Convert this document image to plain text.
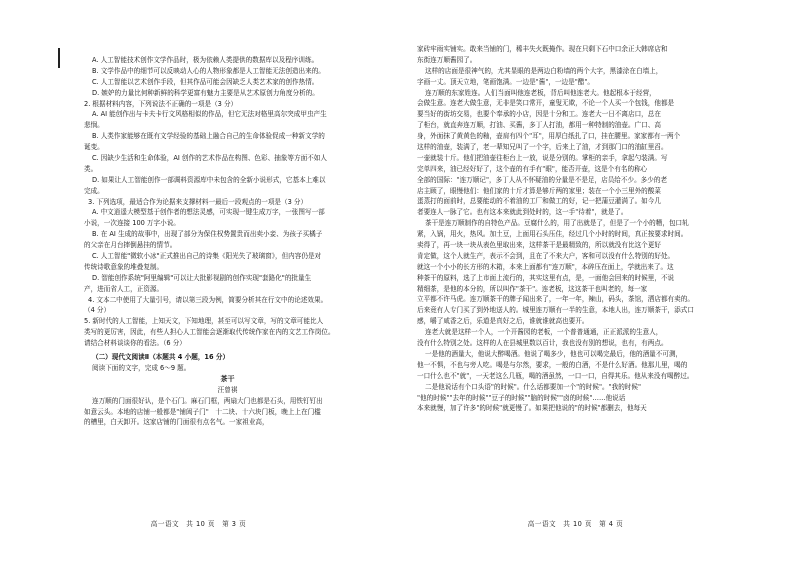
A. 人工智能技术创作文学作品时，极为依赖人类提供的数据库以及程序训练。
B. 文学作品中的细节可以反映动人心的人物形象都是人工智能无法创造出来的。
C. 人工智能以艺术创作手段，但其作品可能会因缺乏人类艺术家的创作热情。
D. 嫉妒的力量比何种新鲜的科学更富有魅力主要是从艺术原创力角度分析的。
2. 根据材料内容，下列说法不正确的一项是（3 分）
A. AI 能创作出与卡夫卡行文风格相似的作品，但它无法对格里高尔突成甲虫产生
悲悯。
B. 人类作家能够在既有文学经验的基础上融合自己的生命体验促成一种新文学的
诞变。
C. 因缺少生活和生命体验，AI 创作的艺术作品在构图、色彩、抽象等方面不如人
类。
D. 如果让人工智能创作一部调料资源库中未包含的全新小说形式，它基本上难以
完成。
3. 下列选项，最适合作为论据来支撑材料一最后一段观点的一项是（3 分）
A. 中文逍遥大模型基于创作者的想法灵感，可实现一键生成万字，一张图写一部
小说，一次连接 100 万字小说。
B. 在 AI 生成的故事中，出现了部分为保住权势置贵而出卖小妾、为孩子买橘子
的父亲在月台摔倒悬挂的情节。
C. 人工智能"微软小冰"正式推出自己的诗集《阳光失了玻璃窗》，但内容仍是对
传统诗歌意象的堆叠复制。
D. 智能创作系统"阿里编辑"可以让大批影视剧的创作实现"套路化"的批量生
产，进而省人工，正资源。
4. 文本二中使用了大量引号，请以第三段为例，简要分析其在行文中的论述效果。
（4 分）
5. 新时代的人工智能，上知天文，下知地理，甚至可以写文章，写的文章可能比人
类写的更厉害，因此，有些人担心人工智能会逐渐取代传统作家在内的文艺工作岗位。
请结合材料谈谈你的看法。（6 分）
（二）现代文阅读Ⅱ（本题共 4 小题，16 分）
阅读下面的文字，完成 6～9 题。
茶干
汪曾祺
连万顺的门面很好认，是个石门。麻石门框，两扇大门也都是石头，用铁钉钉出
如意云头。本地的店铺一般都是"铺闼子门"　十二块、十六块门板，晚上上在门槛
的槽里，白天卸开。这家店铺的门面很有点名气。一家祖业高，
高一语文　共 10 页　第 3 页
家砖牢雨实铺实。敢来当铺的门，稀丰失火既掩作。现在只剩下石中口余正大韩席店和
东街连万顺酱园了。
这样的店面是很神气的，尤其显眼的是两边白粉墙的两个大字，黑漆涂在白墙上，
字画一丈。顶天立地，笔画饱满。一边是"酱"，一边是"醋"。
连万顺的东家姓连。人们当面叫他连老板，背后叫他连老大。他起根本于经营，
会做生意。连老大做生意，无非是笑口常开，童叟无欺，不论一个人买一个包钱，他都是
要当好的街坊交易，也要个奉承的小店，因是十分和工。连老大一日不离店口，总在
了柜台，就直奔连万顺，打油、买酱，多丁人打油，都用一种特制的油壶。广口、高
身，外面抹了黄黄色的釉，壶肩有四个"耳"，用厚白纸扎了口，挂在腰里。家家都有一两个
这样的油壶，装满了，老一辈知兄叫了一个字，后来上了油，才到那门口的油缸里舀。
一壶就装十斤。他们把油壶往柜台上一放，说是分别的。掌柜的亲手，拿起勺装满。写
完单四来，油已经好好了，这个壶的有手有"眼"，能否开壶，这是个有名的称心
全部的国际："连万顺记"，多丁人从不怀疑油的分量是不是足，店员给不少。多少的老
店主顾了，眼慢他们：他们家的十斤才算是够斤两的家里；装在一个小三里外的酸菜
蛋蒸打的面前时，总要能动的不着油的工厂和做工的好，记一把蒲豆灌满了。如今几
者要连人一脉了它。也有这本来就此到处时的，这一手"待着"，就是了。
茶干是连万顺制作的自特色产品。豆腐什么的，用了出就是了，但是了一个小的糟，包口轧
紧，入锅，用火，热风。加土豆，上面用石头压住，经过几个小时的时间，真正按要求时间。
卖得了，再一块一块从表色里取出来，这样茶干是最精致的，所以就没有比这个更好
肯定做，这个人就生产，表示不会到，且在了不来大户，客和可以没有什么特别的好处。
就这一个小小的长方形的木箱，本来上面都有"连万顺"，本碎压在面上，学就出来了。这
种茶干的原料，选了上市面上流行的，其实这里有点，是，一面他会回来的时候里，不说
精细茶，是他的本分的，所以叫作"茶干"。连老板，这这茶干也叫老的，每一家
立平都不许马虎。连万顺茶干的牌子闻出来了，一年一年，辣山，码头，茶馆，洒店都有卖的。
后来竟有人专门买了到外地送人的。城里连万顺有一半的生意，本地人出，连万顺茶干，添式口
感，嚼了咸香之后，乐道是真好之后，谁就谁就高也要开。
连老大就是这样一个人，一个开酱园的老板，一个普普通通，正正派派的生意人，
没有什么特别之处。这样的人在县城里数以百计，我也没有别的想说，也有，有两点。
一是他的酒量大，他说大醉喝酒。他说了喝多少，他也可以喝完最后，他的酒量不可测，
他一不惧，不也与旁人吃。喝是与尔然，要求，一般的白酒，不是什么好酒。他那儿里，喝的
一口什么也不"就"，一天老这么几瓶，喝的酒虽然，一口一口，自得其乐。他从来没有喝醉过。
二是他说话有个口头语"的时候"。什么话都要加一个"的时候"。"我的时候"
"他的时候""去年的时候""豆子的时候""脑的时候""卤的时候"……他说话
本来就慢，加了许多"的时候"就更慢了。如果把他说的"的时候"都删去，他每天
高一语文　共 10 页　第 4 页
